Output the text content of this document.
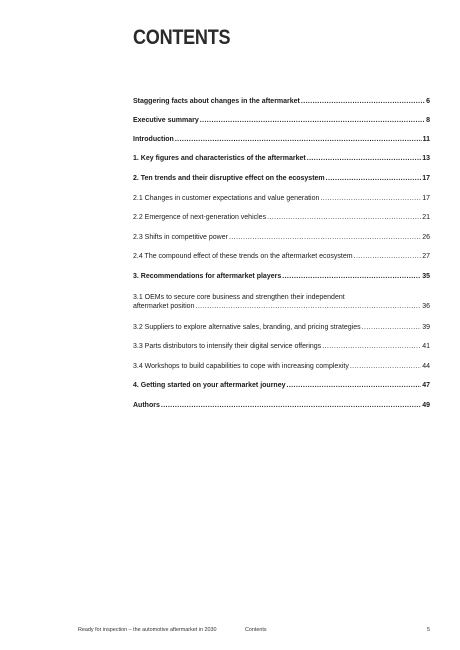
CONTENTS
Staggering facts about changes in the aftermarket .....	6
Executive summary .....	8
Introduction .....	11
1. Key figures and characteristics of the aftermarket .....	13
2. Ten trends and their disruptive effect on the ecosystem .....	17
2.1 Changes in customer expectations and value generation .....	17
2.2 Emergence of next-generation vehicles .....	21
2.3 Shifts in competitive power .....	26
2.4 The compound effect of these trends on the aftermarket ecosystem .....	27
3. Recommendations for aftermarket players .....	35
3.1 OEMs to secure core business and strengthen their independent
aftermarket position .....	36
3.2 Suppliers to explore alternative sales, branding, and pricing strategies .....	39
3.3 Parts distributors to intensify their digital service offerings .....	41
3.4 Workshops to build capabilities to cope with increasing complexity .....	44
4. Getting started on your aftermarket journey .....	47
Authors .....	49
Ready for inspection – the automotive aftermarket in 2030	Contents	5
